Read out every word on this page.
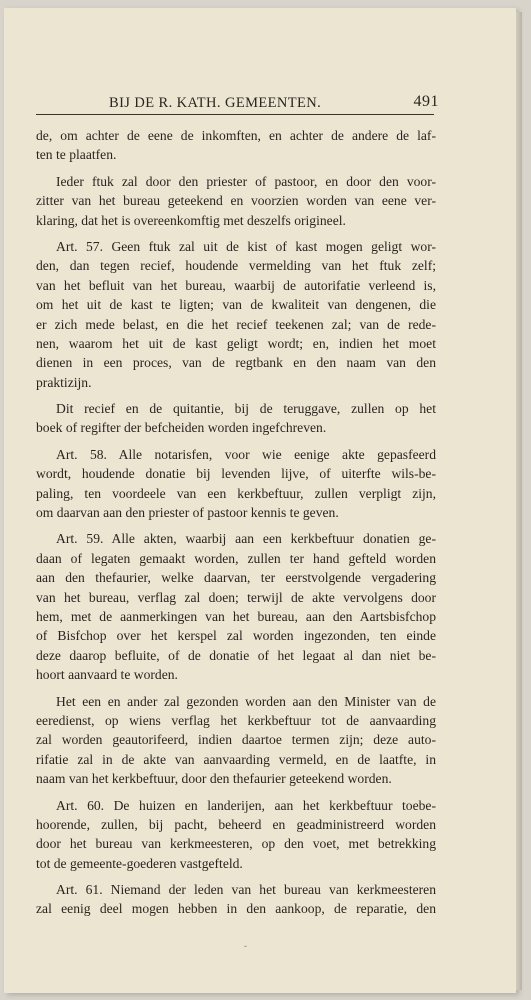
BIJ DE R. KATH. GEMEENTEN.	491
de, om achter de eene de inkomften, en achter de andere de laf-
ten te plaatfen.
Ieder ftuk zal door den priester of pastoor, en door den voor-
zitter van het bureau geteekend en voorzien worden van eene ver-
klaring, dat het is overeenkomftig met deszelfs origineel.
Art. 57. Geen ftuk zal uit de kist of kast mogen geligt wor-
den, dan tegen recief, houdende vermelding van het ftuk zelf;
van het befluit van het bureau, waarbij de autorifatie verleend is,
om het uit de kast te ligten; van de kwaliteit van dengenen, die
er zich mede belast, en die het recief teekenen zal; van de rede-
nen, waarom het uit de kast geligt wordt; en, indien het moet
dienen in een proces, van de regtbank en den naam van den
praktizijn.
Dit recief en de quitantie, bij de teruggave, zullen op het
boek of regifter der befcheiden worden ingefchreven.
Art. 58. Alle notarisfen, voor wie eenige akte gepasfeerd
wordt, houdende donatie bij levenden lijve, of uiterfte wils-be-
paling, ten voordeele van een kerkbeftuur, zullen verpligt zijn,
om daarvan aan den priester of pastoor kennis te geven.
Art. 59. Alle akten, waarbij aan een kerkbeftuur donatien ge-
daan of legaten gemaakt worden, zullen ter hand gefteld worden
aan den thefaurier, welke daarvan, ter eerstvolgende vergadering
van het bureau, verflag zal doen; terwijl de akte vervolgens door
hem, met de aanmerkingen van het bureau, aan den Aartsbisfchop
of Bisfchop over het kerspel zal worden ingezonden, ten einde
deze daarop befluite, of de donatie of het legaat al dan niet be-
hoort aanvaard te worden.
Het een en ander zal gezonden worden aan den Minister van de
eeredienst, op wiens verflag het kerkbeftuur tot de aanvaarding
zal worden geautorifeerd, indien daartoe termen zijn; deze auto-
rifatie zal in de akte van aanvaarding vermeld, en de laatfte, in
naam van het kerkbeftuur, door den thefaurier geteekend worden.
Art. 60. De huizen en landerijen, aan het kerkbeftuur toebe-
hoorende, zullen, bij pacht, beheerd en geadministreerd worden
door het bureau van kerkmeesteren, op den voet, met betrekking
tot de gemeente-goederen vastgefteld.
Art. 61. Niemand der leden van het bureau van kerkmeesteren
zal eenig deel mogen hebben in den aankoop, de reparatie, den
ˇ
